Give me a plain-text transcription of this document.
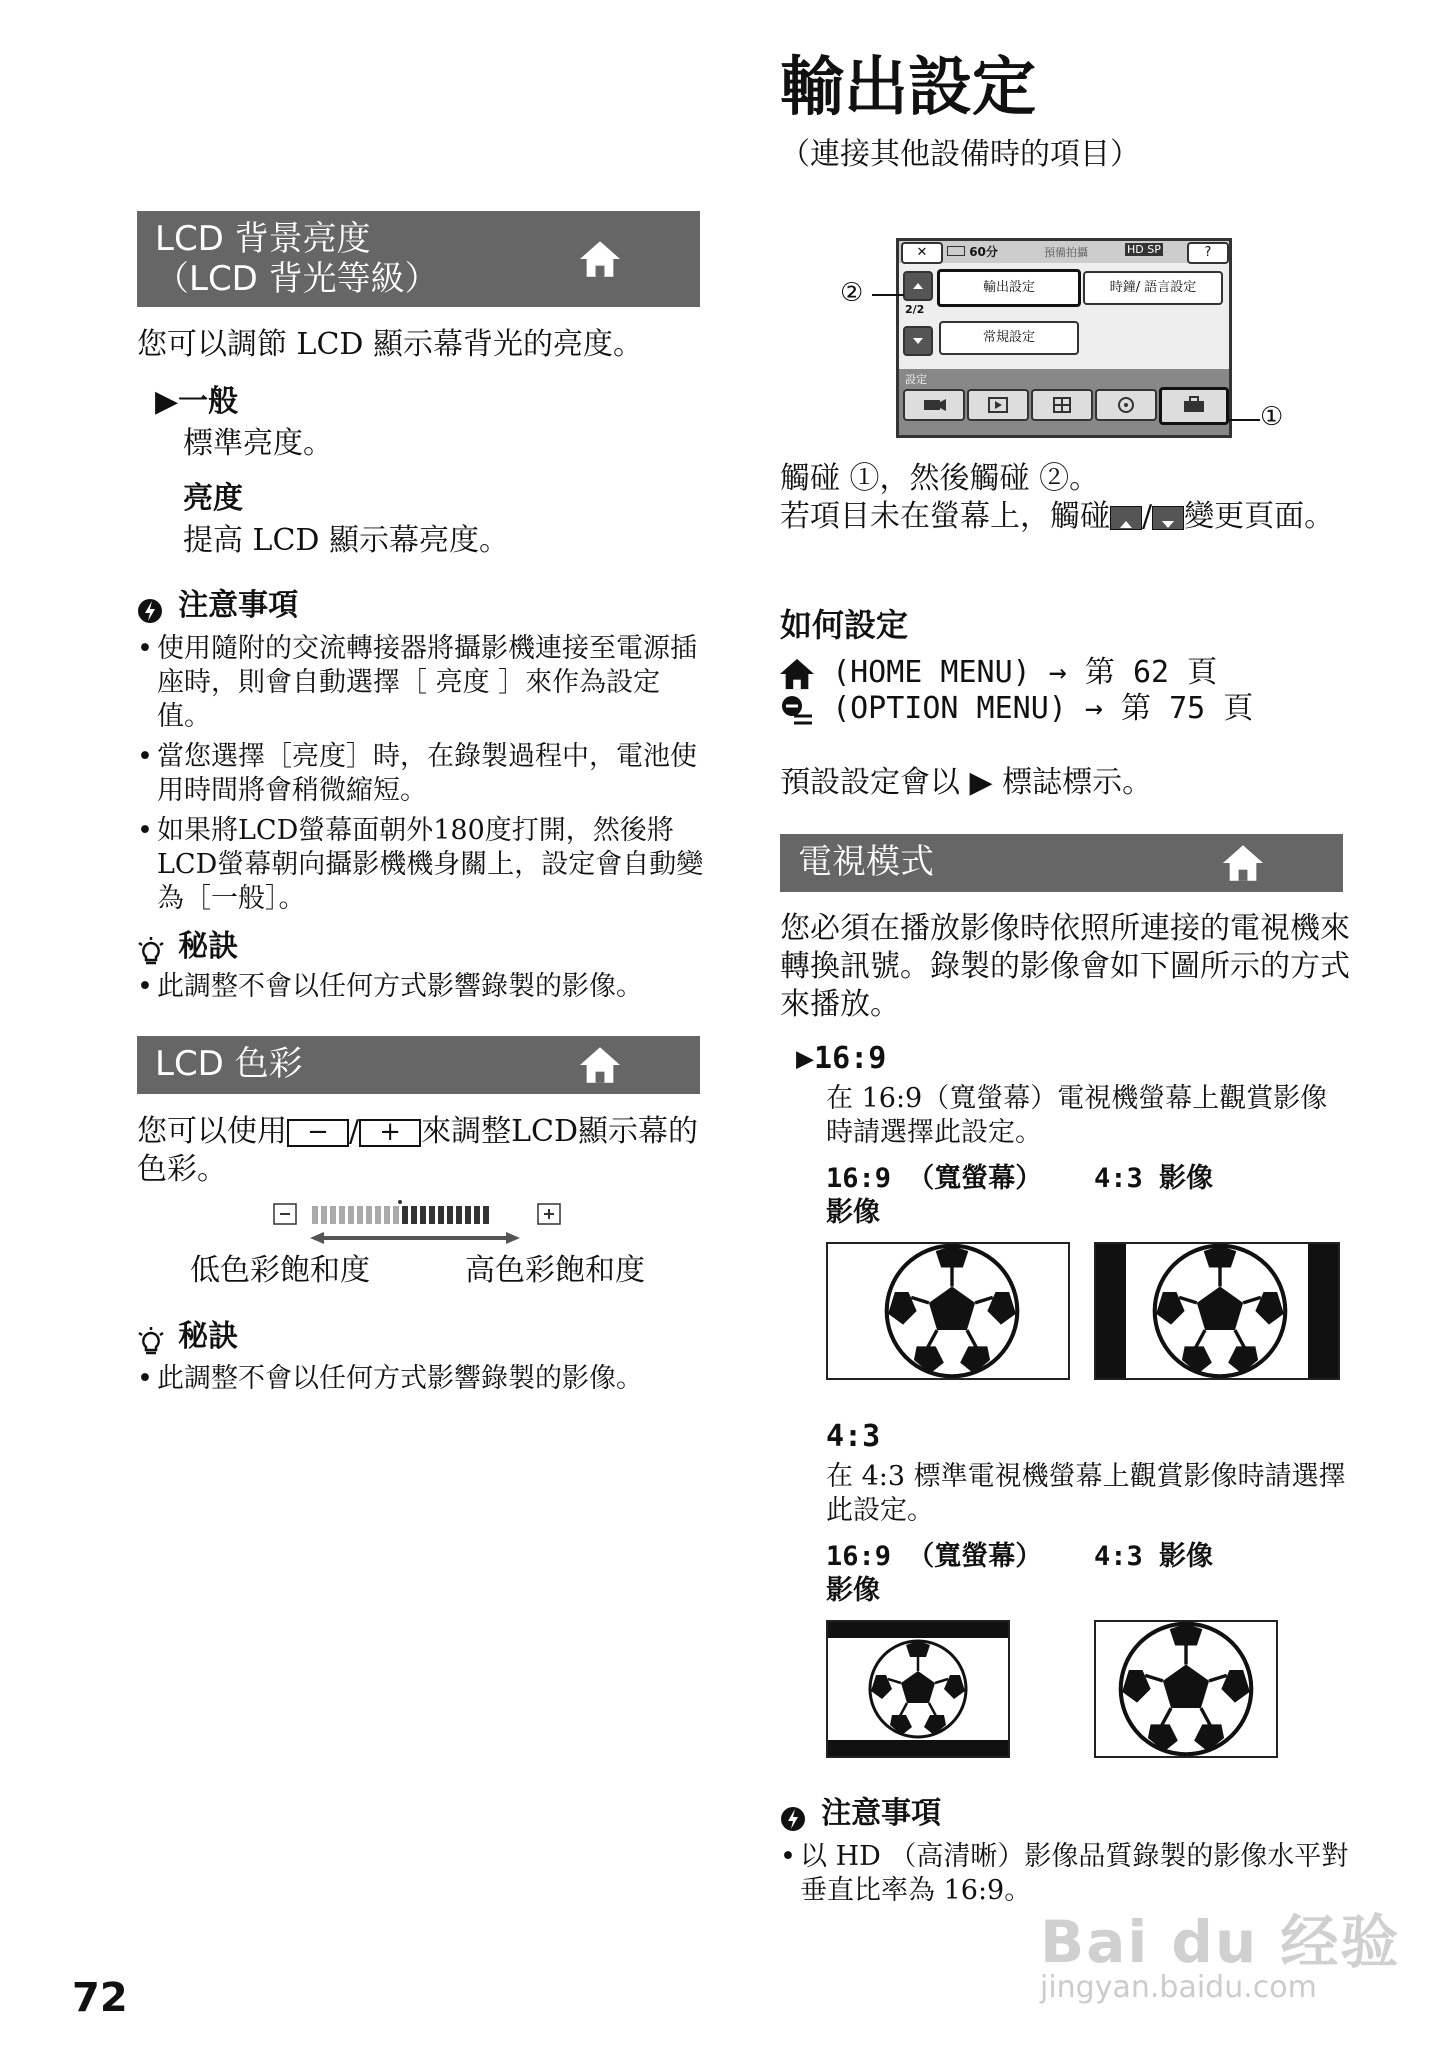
LCD 背景亮度
（LCD 背光等級）
您可以調節 LCD 顯示幕背光的亮度。
▶一般
標準亮度。
亮度
提高 LCD 顯示幕亮度。
注意事項
• 使用隨附的交流轉接器將攝影機連接至電源插座時，則會自動選擇［ 亮度 ］來作為設定值。
• 當您選擇［亮度］時，在錄製過程中，電池使用時間將會稍微縮短。
• 如果將LCD螢幕面朝外180度打開，然後將LCD螢幕朝向攝影機機身關上，設定會自動變為［一般］。
秘訣
• 此調整不會以任何方式影響錄製的影像。
LCD 色彩
您可以使用 − / + 來調整LCD顯示幕的色彩。
低色彩飽和度	高色彩飽和度
秘訣
• 此調整不會以任何方式影響錄製的影像。
72
輸出設定
（連接其他設備時的項目）
✕	60分	預備拍攝	HD SP	?
2/2
輸出設定	時鐘/ 語言設定
常規設定
設定
②
①
觸碰 ①，然後觸碰 ②。
若項目未在螢幕上，觸碰 / 變更頁面。
如何設定
(HOME MENU) → 第 62 頁
(OPTION MENU) → 第 75 頁
預設設定會以 ▶ 標誌標示。
電視模式
您必須在播放影像時依照所連接的電視機來轉換訊號。錄製的影像會如下圖所示的方式來播放。
▶16:9
在 16:9（寬螢幕）電視機螢幕上觀賞影像時請選擇此設定。
16:9 （寬螢幕）影像
4:3 影像
4:3
在 4:3 標準電視機螢幕上觀賞影像時請選擇此設定。
16:9 （寬螢幕）影像
4:3 影像
注意事項
• 以 HD （高清晰）影像品質錄製的影像水平對垂直比率為 16:9。
Bai du 经验
jingyan.baidu.com
